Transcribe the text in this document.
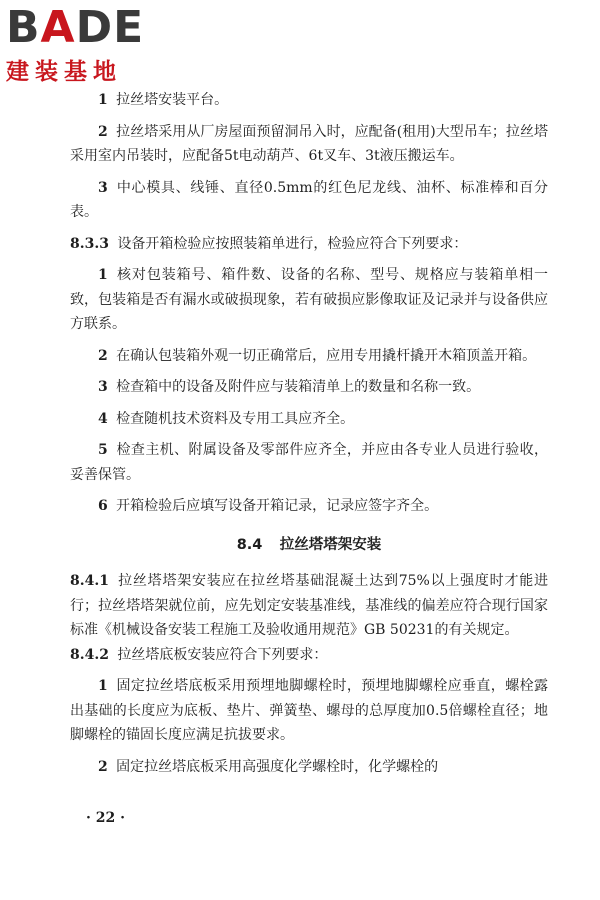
BADE
建装基地

1 拉丝塔安装平台。

2 拉丝塔采用从厂房屋面预留洞吊入时，应配备(租用)大型吊车；拉丝塔采用室内吊装时，应配备5t电动葫芦、6t叉车、3t液压搬运车。

3 中心模具、线锤、直径0.5mm的红色尼龙线、油杯、标准棒和百分表。

8.3.3 设备开箱检验应按照装箱单进行，检验应符合下列要求：

1 核对包装箱号、箱件数、设备的名称、型号、规格应与装箱单相一致，包装箱是否有漏水或破损现象，若有破损应影像取证及记录并与设备供应方联系。

2 在确认包装箱外观一切正确常后，应用专用撬杆撬开木箱顶盖开箱。

3 检查箱中的设备及附件应与装箱清单上的数量和名称一致。

4 检查随机技术资料及专用工具应齐全。

5 检查主机、附属设备及零部件应齐全，并应由各专业人员进行验收，妥善保管。

6 开箱检验后应填写设备开箱记录，记录应签字齐全。

8.4 拉丝塔塔架安装

8.4.1 拉丝塔塔架安装应在拉丝塔基础混凝土达到75%以上强度时才能进行；拉丝塔塔架就位前，应先划定安装基准线，基准线的偏差应符合现行国家标准《机械设备安装工程施工及验收通用规范》GB 50231的有关规定。

8.4.2 拉丝塔底板安装应符合下列要求：

1 固定拉丝塔底板采用预埋地脚螺栓时，预埋地脚螺栓应垂直，螺栓露出基础的长度应为底板、垫片、弹簧垫、螺母的总厚度加0.5倍螺栓直径；地脚螺栓的锚固长度应满足抗拔要求。

2 固定拉丝塔底板采用高强度化学螺栓时，化学螺栓的

· 22 ·
